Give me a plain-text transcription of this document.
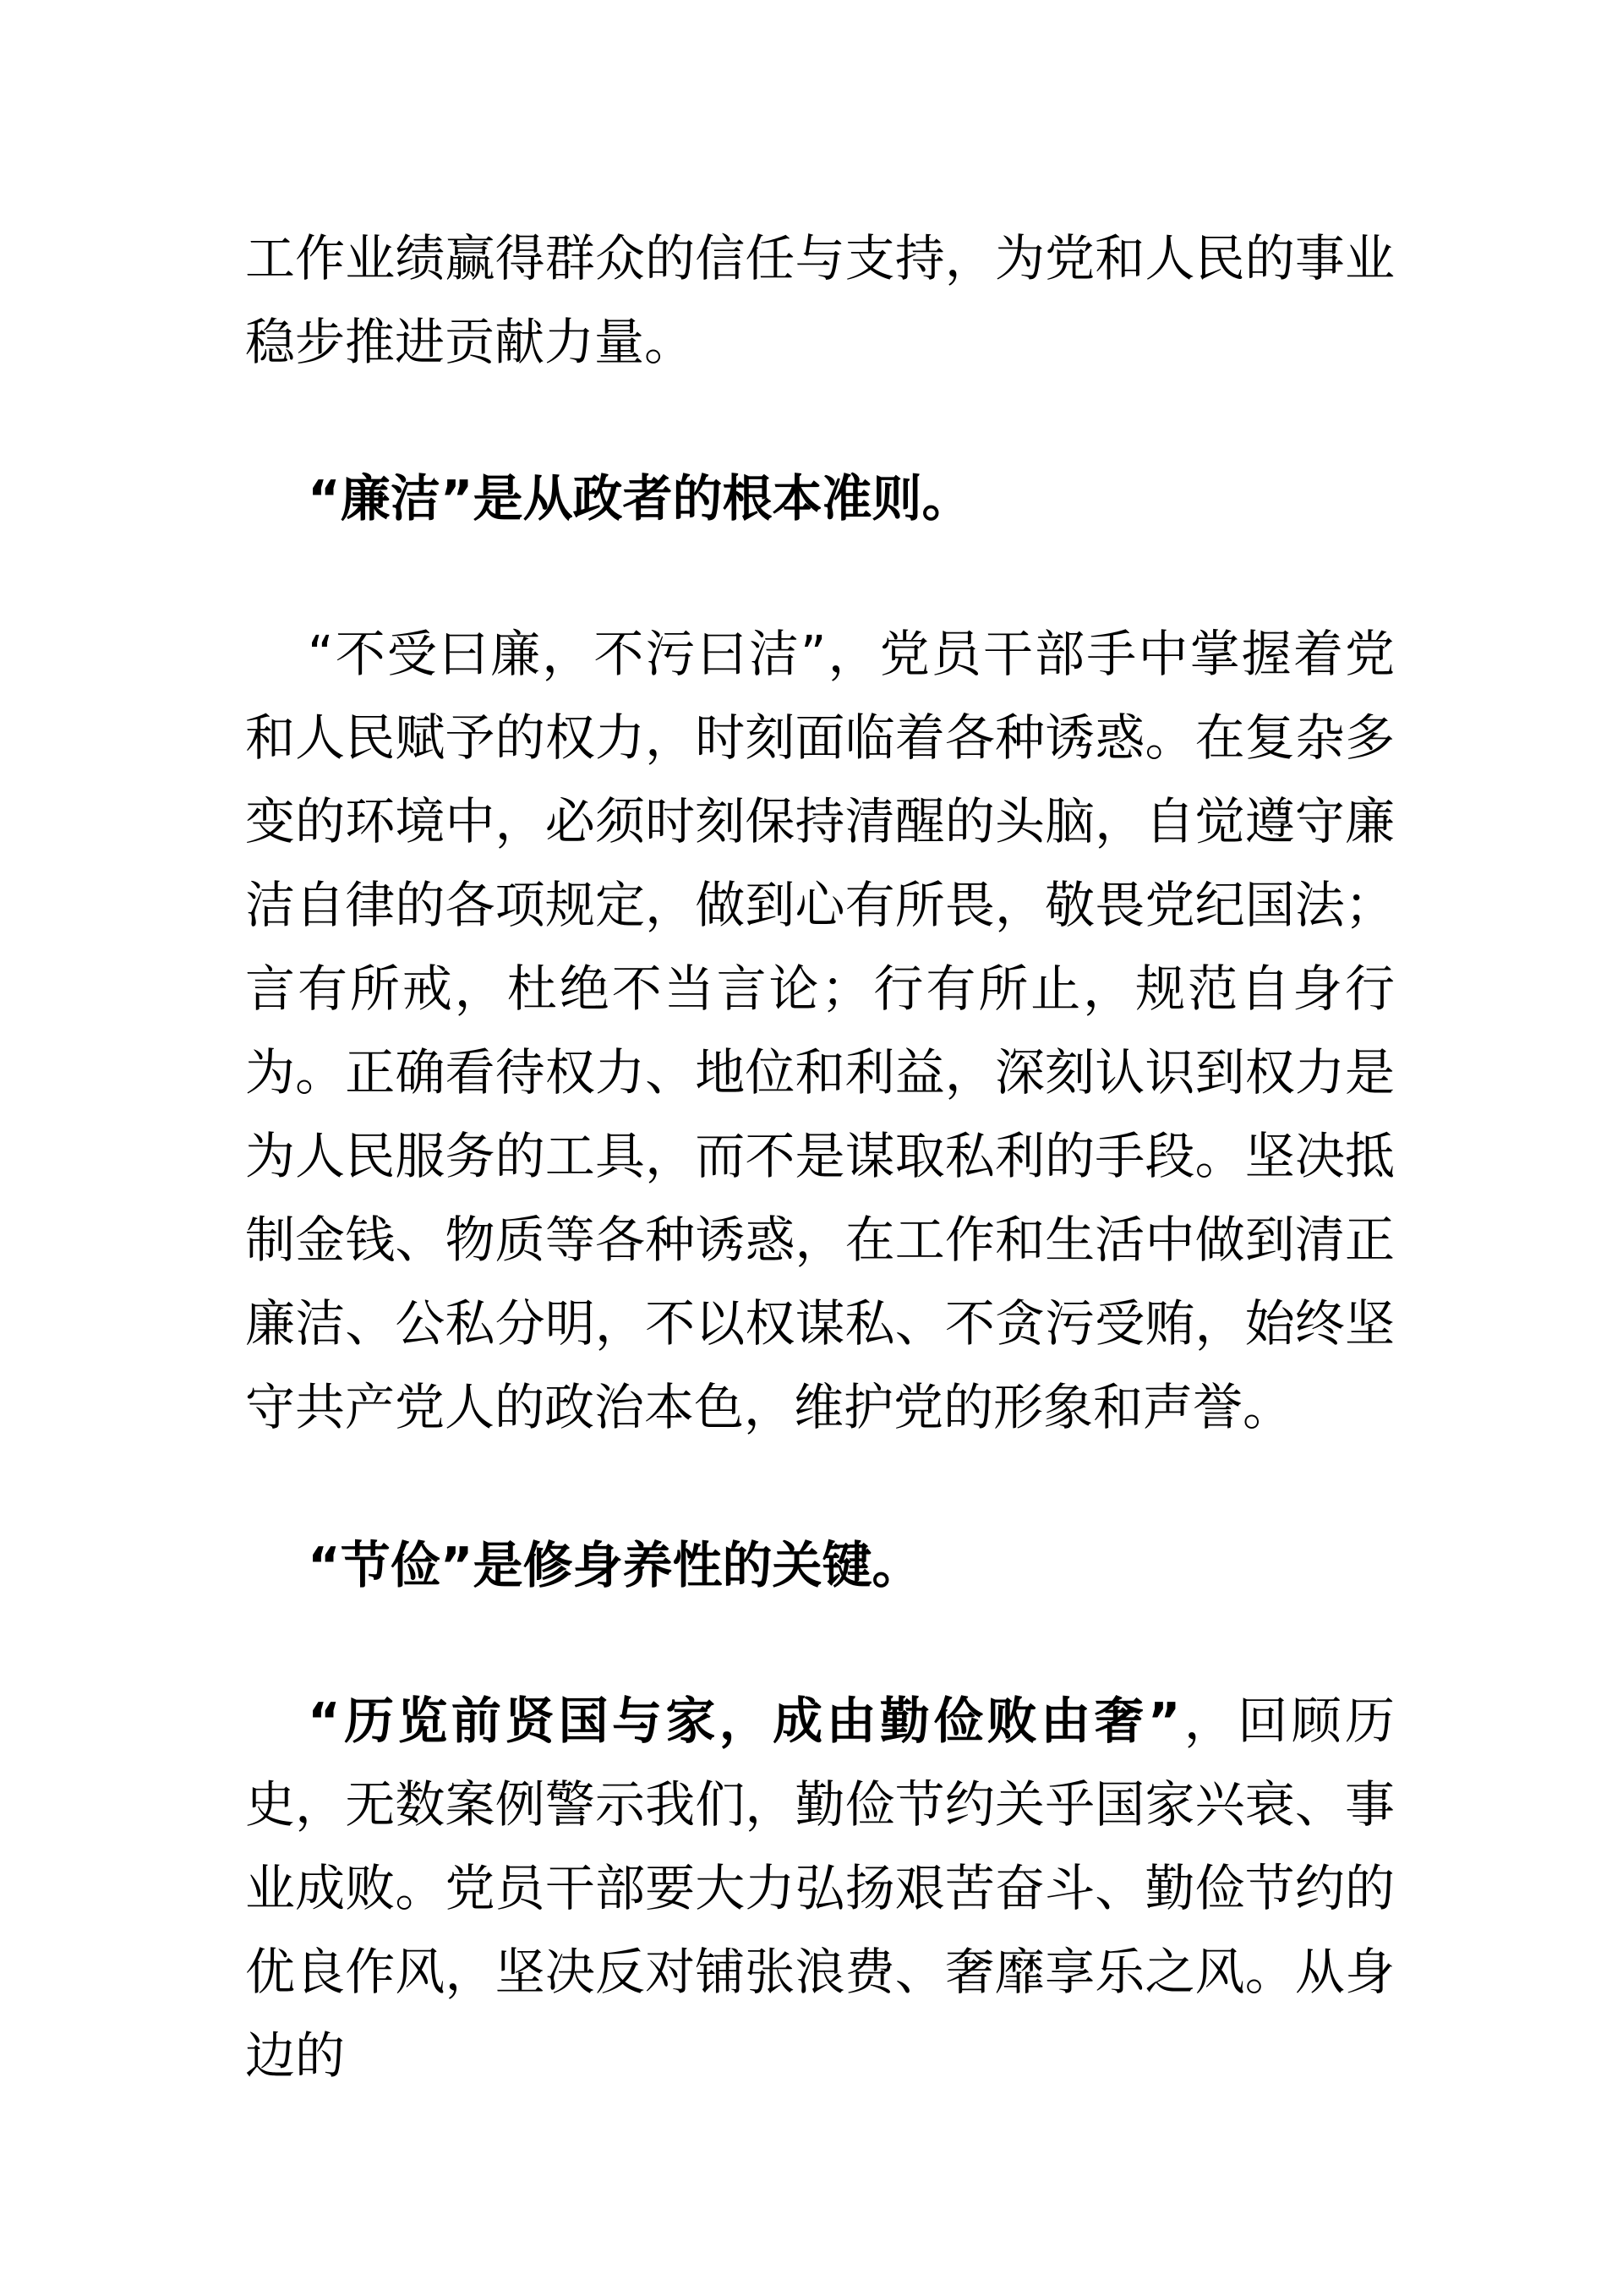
工作业绩赢得群众的信任与支持，为党和人民的事业稳步推进贡献力量。

“廉洁”是从政者的根本准则。

“不受曰廉，不污曰洁”，党员干部手中掌握着党和人民赋予的权力，时刻面临着各种诱惑。在复杂多变的环境中，必须时刻保持清醒的头脑，自觉遵守廉洁自律的各项规定，做到心有所畏，敬畏党纪国法；言有所戒，杜绝不当言论；行有所止，规范自身行为。正确看待权力、地位和利益，深刻认识到权力是为人民服务的工具，而不是谋取私利的手段。坚决抵制金钱、物质等各种诱惑，在工作和生活中做到清正廉洁、公私分明，不以权谋私、不贪污受贿，始终坚守共产党人的政治本色，维护党的形象和声誉。

“节俭”是修身养性的关键。

“历览前贤国与家，成由勤俭败由奢”，回顾历史，无数案例警示我们，勤俭节约关乎国家兴衰、事业成败。党员干部要大力弘扬艰苦奋斗、勤俭节约的优良作风，坚决反对铺张浪费、奢靡享乐之风。从身边的
